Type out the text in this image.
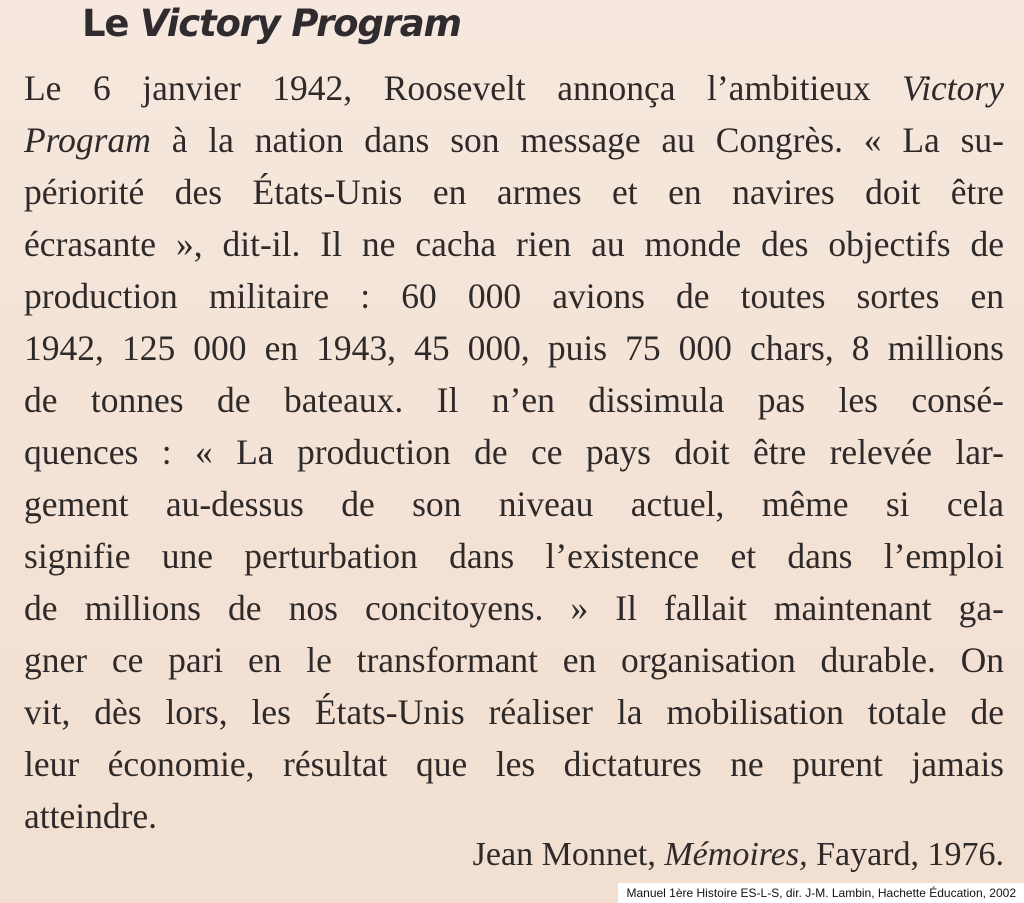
Le Victory Program
Le 6 janvier 1942, Roosevelt annonça l’ambitieux Victory
Program à la nation dans son message au Congrès. « La su-
périorité des États-Unis en armes et en navires doit être
écrasante », dit-il. Il ne cacha rien au monde des objectifs de
production militaire : 60 000 avions de toutes sortes en
1942, 125 000 en 1943, 45 000, puis 75 000 chars, 8 millions
de tonnes de bateaux. Il n’en dissimula pas les consé-
quences : « La production de ce pays doit être relevée lar-
gement au-dessus de son niveau actuel, même si cela
signifie une perturbation dans l’existence et dans l’emploi
de millions de nos concitoyens. » Il fallait maintenant ga-
gner ce pari en le transformant en organisation durable. On
vit, dès lors, les États-Unis réaliser la mobilisation totale de
leur économie, résultat que les dictatures ne purent jamais
atteindre.
Jean Monnet, Mémoires, Fayard, 1976.
Manuel 1ère Histoire ES-L-S, dir. J-M. Lambin, Hachette Éducation, 2002
